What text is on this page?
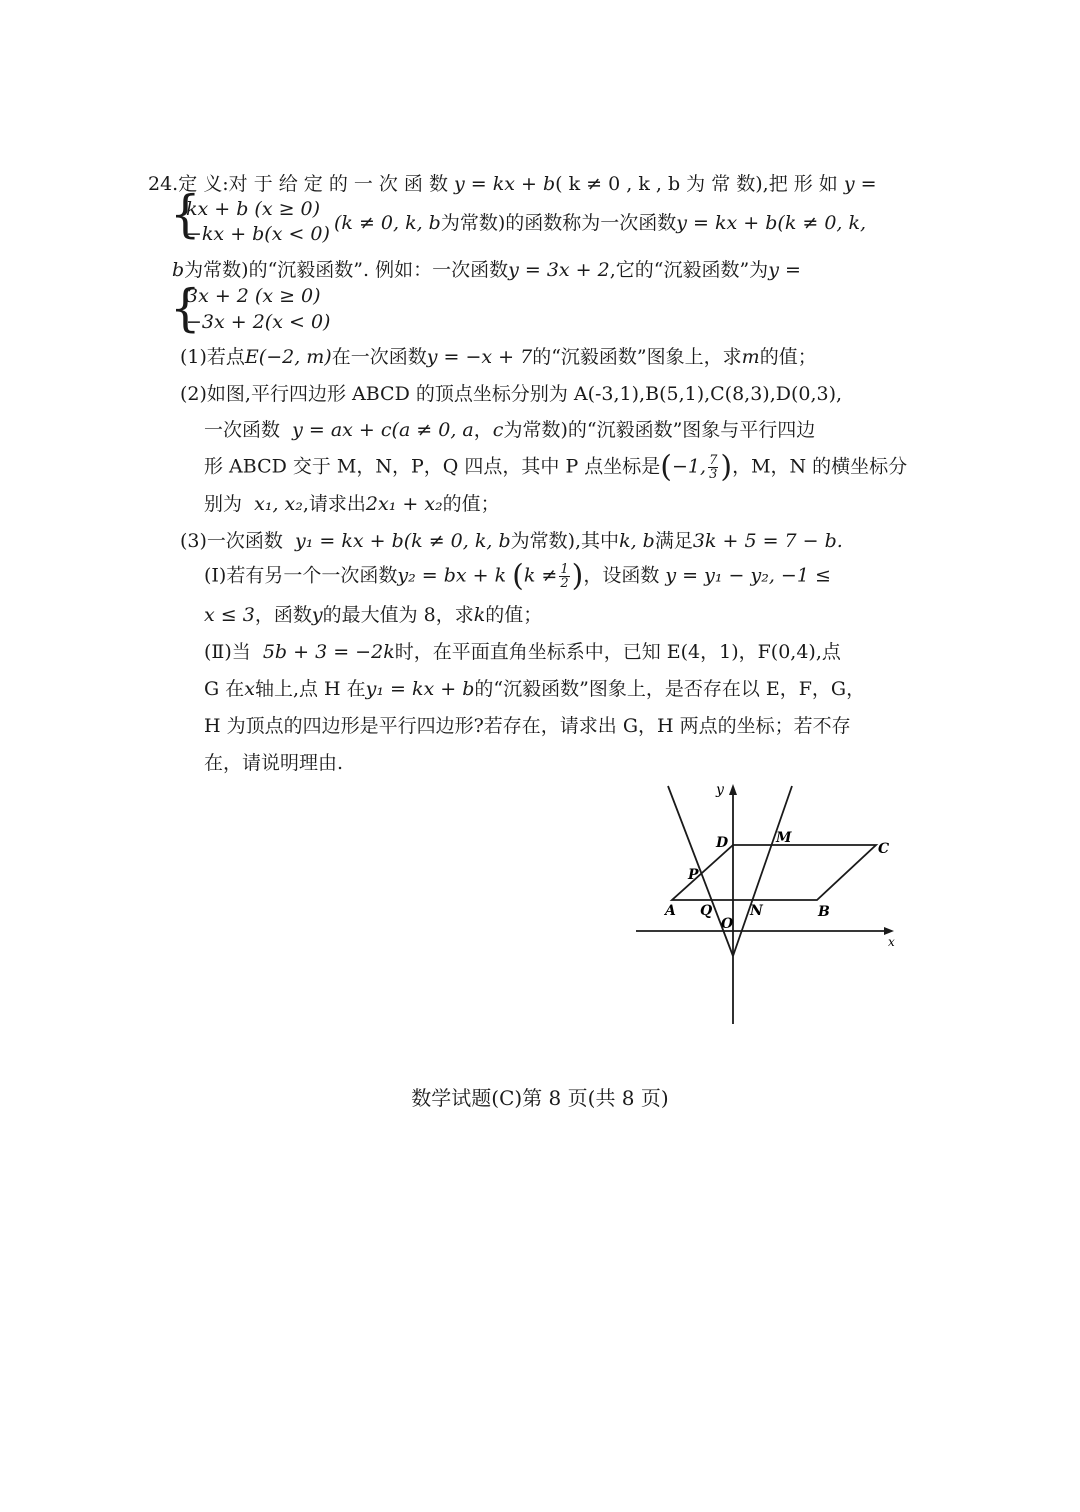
24.定 义:对 于 给 定 的 一 次 函 数 y = kx + b( k ≠ 0 , k , b 为 常 数),把 形 如 y =
{
kx + b (x ≥ 0)
−kx + b(x < 0) (k ≠ 0, k, b为常数)的函数称为一次函数y = kx + b(k ≠ 0, k,
b为常数)的“沉毅函数”. 例如：一次函数y = 3x + 2,它的“沉毅函数”为y =
{
3x + 2 (x ≥ 0)
−3x + 2(x < 0)
(1)若点E(−2, m)在一次函数y = −x + 7的“沉毅函数”图象上，求m的值；
(2)如图,平行四边形 ABCD 的顶点坐标分别为 A(-3,1),B(5,1),C(8,3),D(0,3),
一次函数 y = ax + c(a ≠ 0, a，c为常数)的“沉毅函数”图象与平行四边
形 ABCD 交于 M，N，P，Q 四点，其中 P 点坐标是(−1, $\frac{7}{3}$ )，M，N 的横坐标分
别为 x₁, x₂,请求出2x₁ + x₂的值；
(3)一次函数 y₁ = kx + b(k ≠ 0, k, b为常数),其中k, b满足3k + 5 = 7 − b.
(Ⅰ)若有另一个一次函数y₂ = bx + k ($k \ne \frac{1}{2}$ )，设函数 y = y₁ − y₂, −1 ≤
x ≤ 3，函数y的最大值为 8，求k的值；
(Ⅱ)当 5b + 3 = −2k时，在平面直角坐标系中，已知 E(4，1)，F(0,4),点
G 在x轴上,点 H 在y₁ = kx + b的“沉毅函数”图象上，是否存在以 E，F，G，
H 为顶点的四边形是平行四边形?若存在，请求出 G，H 两点的坐标；若不存
在，请说明理由.
y
x
D	M
C
P
A Q
O
N	B
数学试题(C)第 8 页(共 8 页)
